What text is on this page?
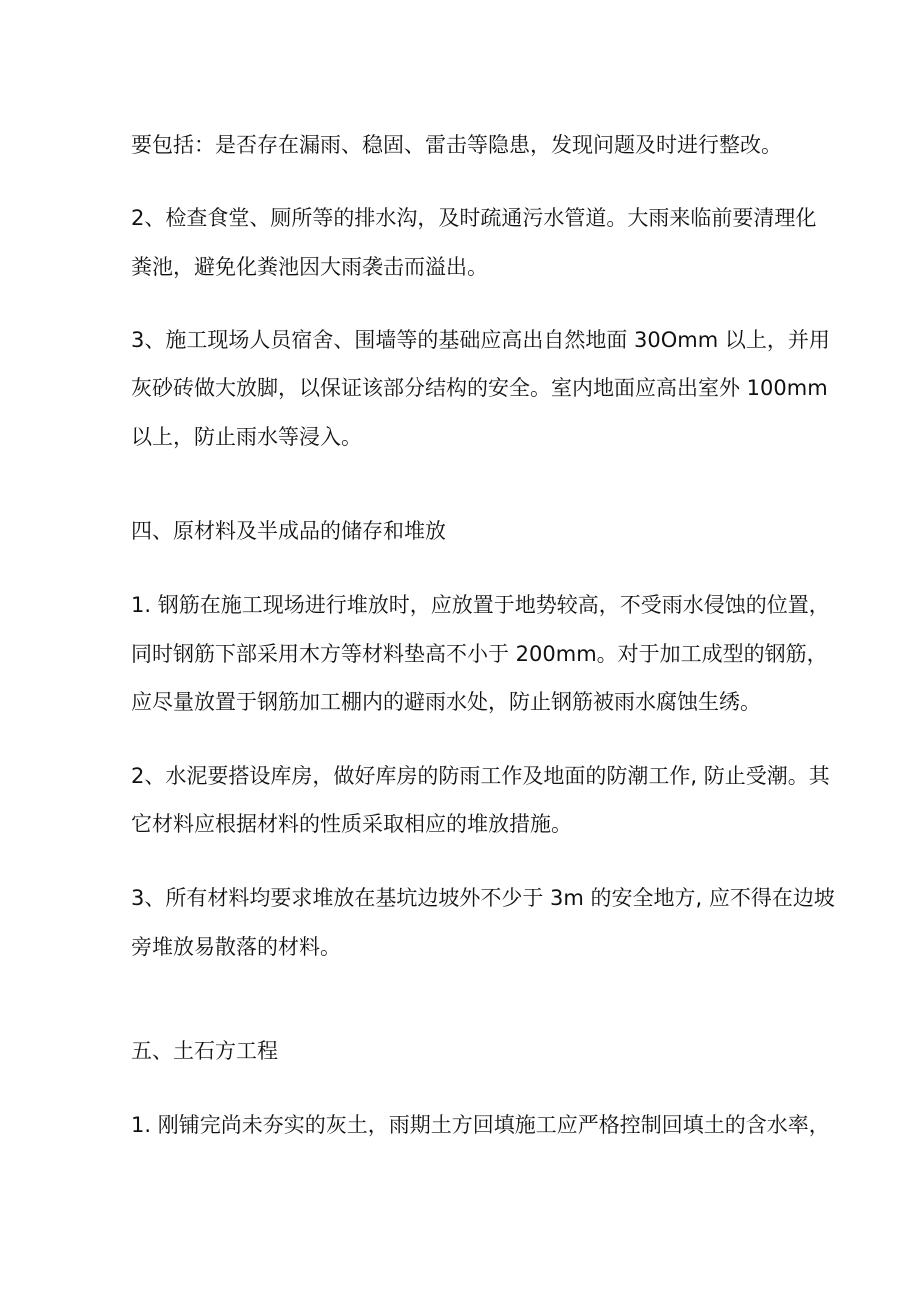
要包括：是否存在漏雨、稳固、雷击等隐患，发现问题及时进行整改。

2、检查食堂、厕所等的排水沟，及时疏通污水管道。大雨来临前要清理化

粪池，避免化粪池因大雨袭击而溢出。

3、施工现场人员宿舍、围墙等的基础应高出自然地面 30Omm 以上，并用

灰砂砖做大放脚，以保证该部分结构的安全。室内地面应高出室外 100mm

以上，防止雨水等浸入。

四、原材料及半成品的储存和堆放

1. 钢筋在施工现场进行堆放时，应放置于地势较高，不受雨水侵蚀的位置，

同时钢筋下部采用木方等材料垫高不小于 200mm。对于加工成型的钢筋，

应尽量放置于钢筋加工棚内的避雨水处，防止钢筋被雨水腐蚀生绣。

2、水泥要搭设库房，做好库房的防雨工作及地面的防潮工作, 防止受潮。其

它材料应根据材料的性质采取相应的堆放措施。

3、所有材料均要求堆放在基坑边坡外不少于 3m 的安全地方, 应不得在边坡

旁堆放易散落的材料。

五、土石方工程

1. 刚铺完尚未夯实的灰土，雨期土方回填施工应严格控制回填土的含水率，
